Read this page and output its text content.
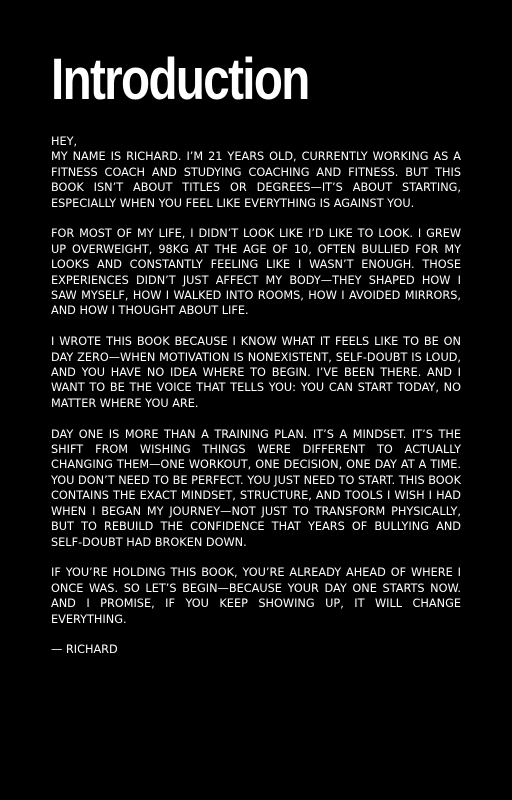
Introduction

HEY,
MY NAME IS RICHARD. I’M 21 YEARS OLD, CURRENTLY WORKING AS A FITNESS COACH AND STUDYING COACHING AND FITNESS. BUT THIS BOOK ISN’T ABOUT TITLES OR DEGREES—IT’S ABOUT STARTING, ESPECIALLY WHEN YOU FEEL LIKE EVERYTHING IS AGAINST YOU.

FOR MOST OF MY LIFE, I DIDN’T LOOK LIKE I’D LIKE TO LOOK. I GREW UP OVERWEIGHT, 98KG AT THE AGE OF 10, OFTEN BULLIED FOR MY LOOKS AND CONSTANTLY FEELING LIKE I WASN’T ENOUGH. THOSE EXPERIENCES DIDN’T JUST AFFECT MY BODY—THEY SHAPED HOW I SAW MYSELF, HOW I WALKED INTO ROOMS, HOW I AVOIDED MIRRORS, AND HOW I THOUGHT ABOUT LIFE.

I WROTE THIS BOOK BECAUSE I KNOW WHAT IT FEELS LIKE TO BE ON DAY ZERO—WHEN MOTIVATION IS NONEXISTENT, SELF-DOUBT IS LOUD, AND YOU HAVE NO IDEA WHERE TO BEGIN. I’VE BEEN THERE. AND I WANT TO BE THE VOICE THAT TELLS YOU: YOU CAN START TODAY, NO MATTER WHERE YOU ARE.

DAY ONE IS MORE THAN A TRAINING PLAN. IT’S A MINDSET. IT’S THE SHIFT FROM WISHING THINGS WERE DIFFERENT TO ACTUALLY CHANGING THEM—ONE WORKOUT, ONE DECISION, ONE DAY AT A TIME. YOU DON’T NEED TO BE PERFECT. YOU JUST NEED TO START. THIS BOOK CONTAINS THE EXACT MINDSET, STRUCTURE, AND TOOLS I WISH I HAD WHEN I BEGAN MY JOURNEY—NOT JUST TO TRANSFORM PHYSICALLY, BUT TO REBUILD THE CONFIDENCE THAT YEARS OF BULLYING AND SELF-DOUBT HAD BROKEN DOWN.

IF YOU’RE HOLDING THIS BOOK, YOU’RE ALREADY AHEAD OF WHERE I ONCE WAS. SO LET’S BEGIN—BECAUSE YOUR DAY ONE STARTS NOW. AND I PROMISE, IF YOU KEEP SHOWING UP, IT WILL CHANGE EVERYTHING.

— RICHARD
